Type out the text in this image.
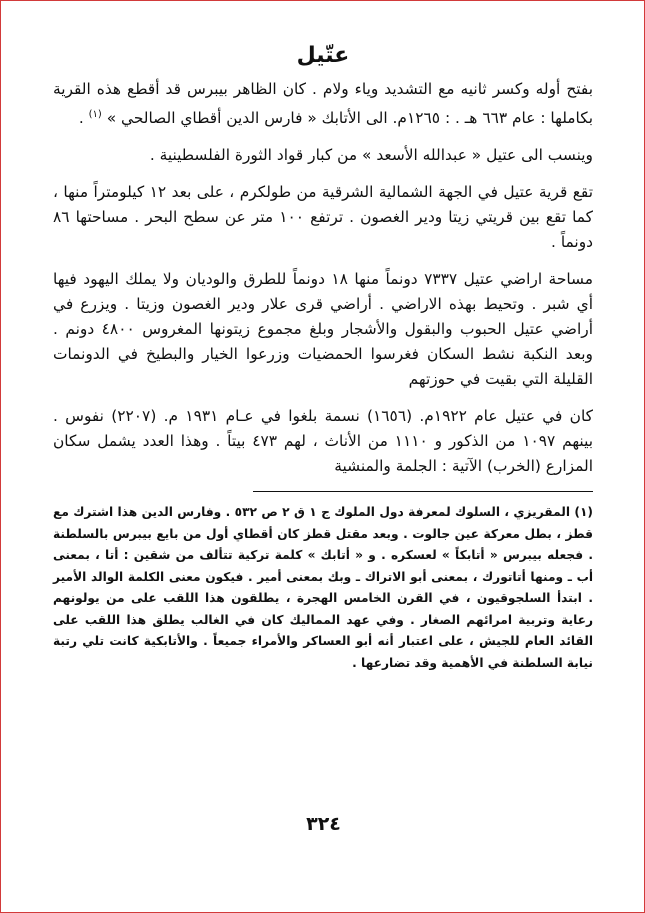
عتّيل

بفتح أوله وكسر ثانيه مع التشديد وياء ولام . كان الظاهر بيبرس قد أقطع هذه القرية بكاملها : عام ٦٦٣ هـ . : ١٢٦٥م. الى الأتابك « فارس الدين أقطاي الصالحي » $^{(١)}$ .

وينسب الى عتيل « عبدالله الأسعد » من كبار قواد الثورة الفلسطينية .

تقع قرية عتيل في الجهة الشمالية الشرقية من طولكرم ، على بعد ١٢ كيلومتراً منها ، كما تقع بين قريتي زيتا ودير الغصون . ترتفع ١٠٠ متر عن سطح البحر . مساحتها ٨٦ دونماً .

مساحة اراضي عتيل ٧٣٣٧ دونماً منها ١٨ دونماً للطرق والوديان ولا يملك اليهود فيها أي شبر . وتحيط بهذه الاراضي . أراضي قرى علار ودير الغصون وزيتا . ويزرع في أراضي عتيل الحبوب والبقول والأشجار وبلغ مجموع زيتونها المغروس ٤٨٠٠ دونم . وبعد النكبة نشط السكان فغرسوا الحمضيات وزرعوا الخيار والبطيخ في الدونمات القليلة التي بقيت في حوزتهم

كان في عتيل عام ١٩٢٢م. (١٦٥٦) نسمة بلغوا في عـام ١٩٣١ م. (٢٢٠٧) نفوس . بينهم ١٠٩٧ من الذكور و ١١١٠ من الأناث ، لهم ٤٧٣ بيتاً . وهذا العدد يشمل سكان المزارع (الخرب) الآتية : الجلمة والمنشية

(١) المقريزي ، السلوك لمعرفة دول الملوك ج ١ ق ٢ ص ٥٣٢ . وفارس الدين هذا اشترك مع قطز ، بطل معركة عين جالوت . وبعد مقتل قطز كان أقطاي أول من بايع بيبرس بالسلطنة . فجعله بيبرس « أتابكاً » لعسكره . و « أتابك » كلمة تركية تتألف من شقين : أتا ، بمعنى أب ـ ومنها أتاتورك ، بمعنى أبو الاتراك ـ وبك بمعنى أمير . فيكون معنى الكلمة الوالد الأمير . ابتدأ السلجوقيون ، في القرن الخامس الهجرة ، يطلقون هذا اللقب على من يولونهم رعاية وتربية امرائهم الصغار . وفي عهد المماليك كان في الغالب يطلق هذا اللقب على القائد العام للجيش ، على اعتبار أنه أبو العساكر والأمراء جميعاً . والأتابكية كانت تلي رتبة نيابة السلطنة في الأهمية وقد تضارعها .
٣٢٤
